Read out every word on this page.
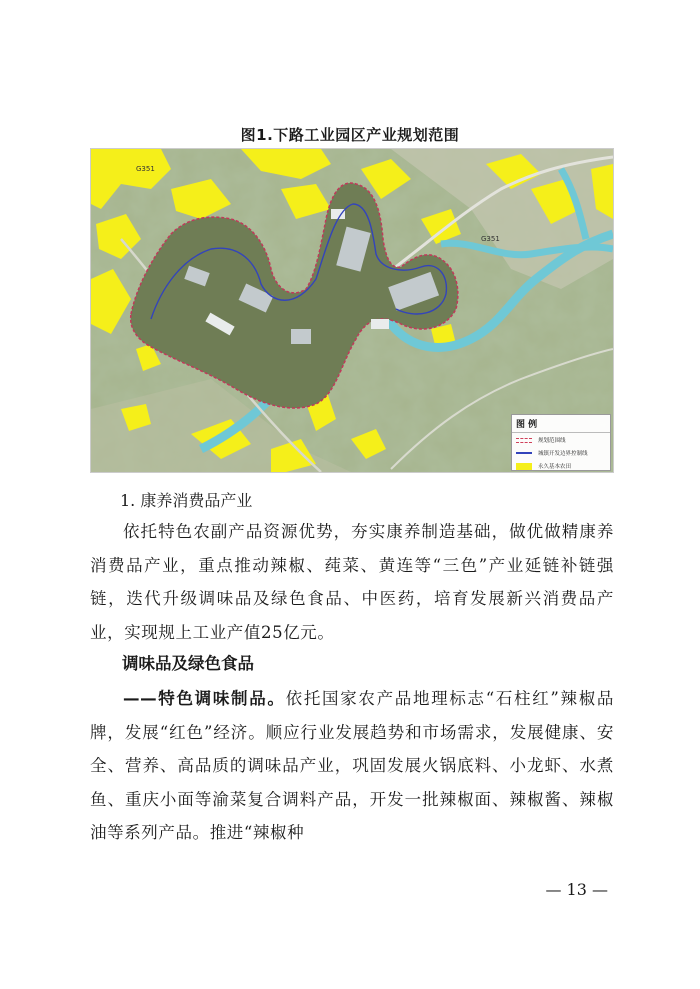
图1.下路工业园区产业规划范围
G351
G351
图 例
规划范围线
城镇开发边界控制线
永久基本农田
1. 康养消费品产业

依托特色农副产品资源优势，夯实康养制造基础，做优做精康养消费品产业，重点推动辣椒、莼菜、黄连等“三色”产业延链补链强链，迭代升级调味品及绿色食品、中医药，培育发展新兴消费品产业，实现规上工业产值25亿元。

调味品及绿色食品

——特色调味制品。依托国家农产品地理标志“石柱红”辣椒品牌，发展“红色”经济。顺应行业发展趋势和市场需求，发展健康、安全、营养、高品质的调味品产业，巩固发展火锅底料、小龙虾、水煮鱼、重庆小面等渝菜复合调料产品，开发一批辣椒面、辣椒酱、辣椒油等系列产品。推进“辣椒种

— 13 —
